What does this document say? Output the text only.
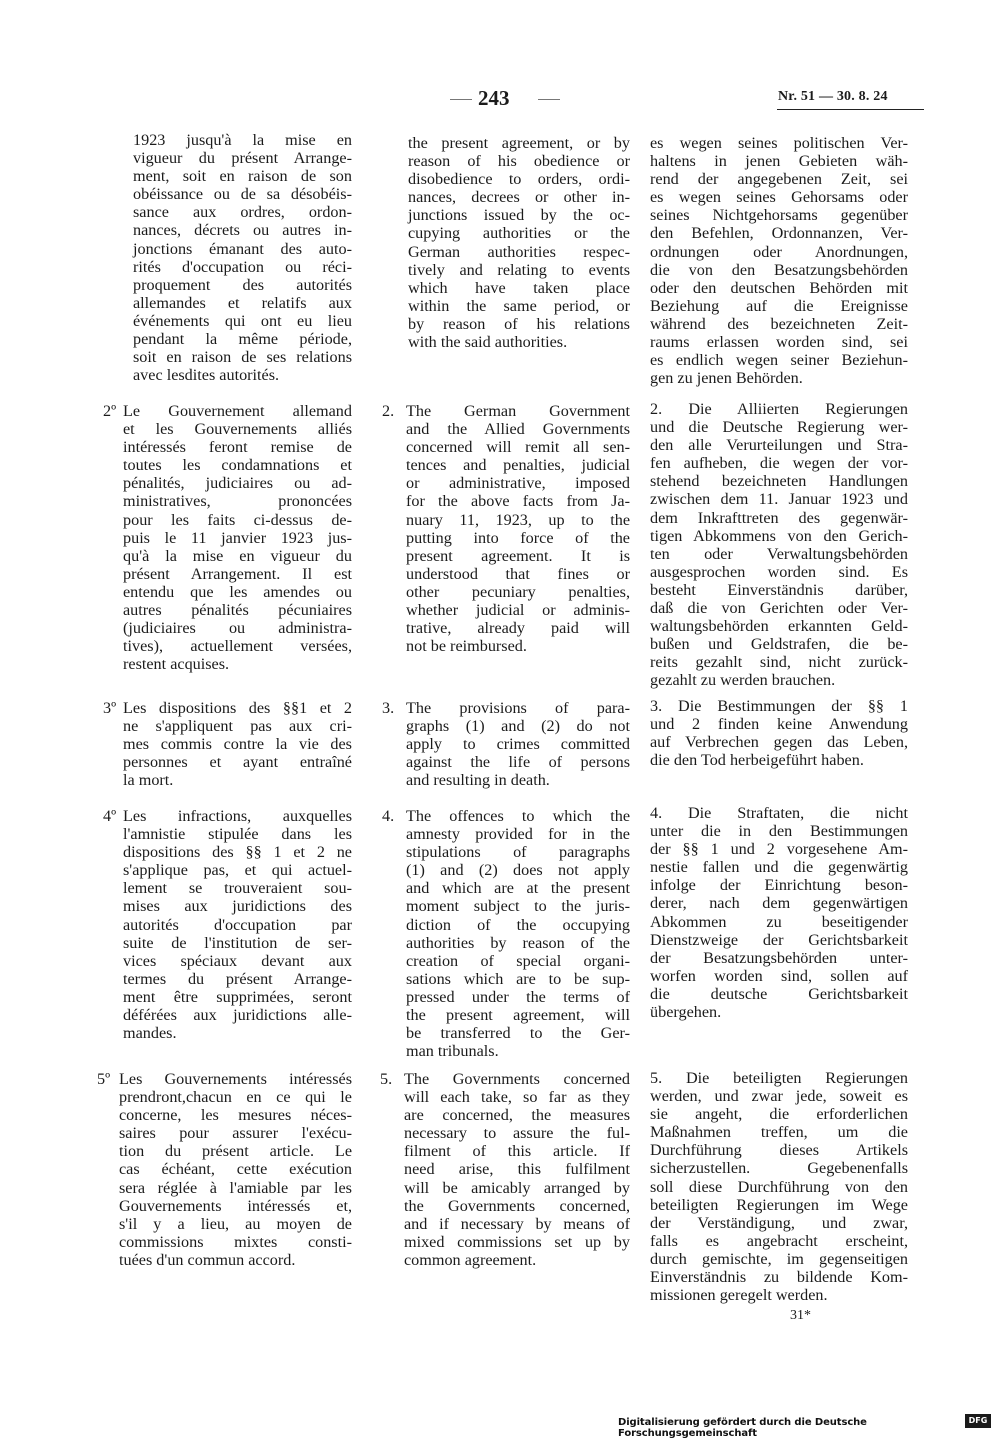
243	Nr. 51 — 30. 8. 24
1923 jusqu'à la mise en
vigueur du présent Arrange-
ment, soit en raison de son
obéissance ou de sa désobéis-
sance aux ordres, ordon-
nances, décrets ou autres in-
jonctions émanant des auto-
rités d'occupation ou réci-
proquement des autorités
allemandes et relatifs aux
événements qui ont eu lieu
pendant la même période,
soit en raison de ses relations
avec lesdites autorités.
2º Le Gouvernement allemand
et les Gouvernements alliés
intéressés feront remise de
toutes les condamnations et
pénalités, judiciaires ou ad-
ministratives, prononcées
pour les faits ci-dessus de-
puis le 11 janvier 1923 jus-
qu'à la mise en vigueur du
présent Arrangement. Il est
entendu que les amendes ou
autres pénalités pécuniaires
(judiciaires ou administra-
tives), actuellement versées,
restent acquises.
3º Les dispositions des §§1 et 2
ne s'appliquent pas aux cri-
mes commis contre la vie des
personnes et ayant entraîné
la mort.
4º Les infractions, auxquelles
l'amnistie stipulée dans les
dispositions des §§ 1 et 2 ne
s'applique pas, et qui actuel-
lement se trouveraient sou-
mises aux juridictions des
autorités d'occupation par
suite de l'institution de ser-
vices spéciaux devant aux
termes du présent Arrange-
ment être supprimées, seront
déférées aux juridictions alle-
mandes.
5º Les Gouvernements intéressés
prendront,chacun en ce qui le
concerne, les mesures néces-
saires pour assurer l'exécu-
tion du présent article. Le
cas échéant, cette exécution
sera réglée à l'amiable par les
Gouvernements intéressés et,
s'il y a lieu, au moyen de
commissions mixtes consti-
tuées d'un commun accord.
the present agreement, or by
reason of his obedience or
disobedience to orders, ordi-
nances, decrees or other in-
junctions issued by the oc-
cupying authorities or the
German authorities respec-
tively and relating to events
which have taken place
within the same period, or
by reason of his relations
with the said authorities.
2. The German Government
and the Allied Governments
concerned will remit all sen-
tences and penalties, judicial
or administrative, imposed
for the above facts from Ja-
nuary 11, 1923, up to the
putting into force of the
present agreement. It is
understood that fines or
other pecuniary penalties,
whether judicial or adminis-
trative, already paid will
not be reimbursed.
3. The provisions of para-
graphs (1) and (2) do not
apply to crimes committed
against the life of persons
and resulting in death.
4. The offences to which the
amnesty provided for in the
stipulations of paragraphs
(1) and (2) does not apply
and which are at the present
moment subject to the juris-
diction of the occupying
authorities by reason of the
creation of special organi-
sations which are to be sup-
pressed under the terms of
the present agreement, will
be transferred to the Ger-
man tribunals.
5. The Governments concerned
will each take, so far as they
are concerned, the measures
necessary to assure the ful-
filment of this article. If
need arise, this fulfilment
will be amicably arranged by
the Governments concerned,
and if necessary by means of
mixed commissions set up by
common agreement.
es wegen seines politischen Ver-
haltens in jenen Gebieten wäh-
rend der angegebenen Zeit, sei
es wegen seines Gehorsams oder
seines Nichtgehorsams gegenüber
den Befehlen, Ordonnanzen, Ver-
ordnungen oder Anordnungen,
die von den Besatzungsbehörden
oder den deutschen Behörden mit
Beziehung auf die Ereignisse
während des bezeichneten Zeit-
raums erlassen worden sind, sei
es endlich wegen seiner Beziehun-
gen zu jenen Behörden.
2. Die Alliierten Regierungen
und die Deutsche Regierung wer-
den alle Verurteilungen und Stra-
fen aufheben, die wegen der vor-
stehend bezeichneten Handlungen
zwischen dem 11. Januar 1923 und
dem Inkrafttreten des gegenwär-
tigen Abkommens von den Gerich-
ten oder Verwaltungsbehörden
ausgesprochen worden sind. Es
besteht Einverständnis darüber,
daß die von Gerichten oder Ver-
waltungsbehörden erkannten Geld-
bußen und Geldstrafen, die be-
reits gezahlt sind, nicht zurück-
gezahlt zu werden brauchen.
3. Die Bestimmungen der §§ 1
und 2 finden keine Anwendung
auf Verbrechen gegen das Leben,
die den Tod herbeigeführt haben.
4. Die Straftaten, die nicht
unter die in den Bestimmungen
der §§ 1 und 2 vorgesehene Am-
nestie fallen und die gegenwärtig
infolge der Einrichtung beson-
derer, nach dem gegenwärtigen
Abkommen zu beseitigender
Dienstzweige der Gerichtsbarkeit
der Besatzungsbehörden unter-
worfen worden sind, sollen auf
die deutsche Gerichtsbarkeit
übergehen.
5. Die beteiligten Regierungen
werden, und zwar jede, soweit es
sie angeht, die erforderlichen
Maßnahmen treffen, um die
Durchführung dieses Artikels
sicherzustellen. Gegebenenfalls
soll diese Durchführung von den
beteiligten Regierungen im Wege
der Verständigung, und zwar,
falls es angebracht erscheint,
durch gemischte, im gegenseitigen
Einverständnis zu bildende Kom-
missionen geregelt werden.
31*
Digitalisierung gefördert durch die Deutsche Forschungsgemeinschaft
DFG
